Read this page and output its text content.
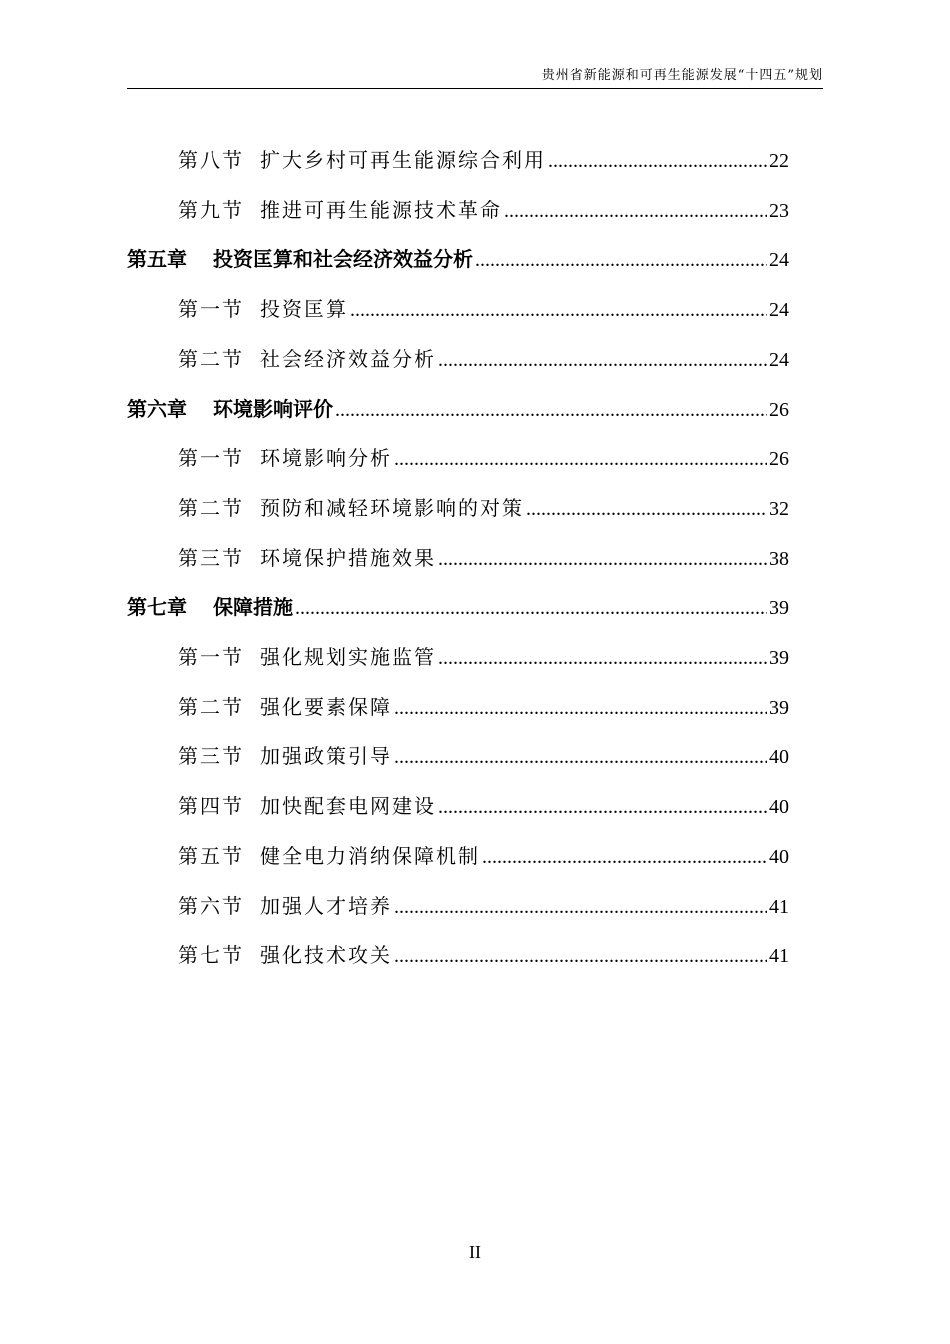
贵州省新能源和可再生能源发展“十四五”规划
第八节 扩大乡村可再生能源综合利用 .....	22
第九节 推进可再生能源技术革命 .....	23
第五章 投资匡算和社会经济效益分析 .....	24
第一节 投资匡算 .....	24
第二节 社会经济效益分析 .....	24
第六章 环境影响评价 .....	26
第一节 环境影响分析 .....	26
第二节 预防和减轻环境影响的对策 .....	32
第三节 环境保护措施效果 .....	38
第七章 保障措施 .....	39
第一节 强化规划实施监管 .....	39
第二节 强化要素保障 .....	39
第三节 加强政策引导 .....	40
第四节 加快配套电网建设 .....	40
第五节 健全电力消纳保障机制 .....	40
第六节 加强人才培养 .....	41
第七节 强化技术攻关 .....	41
II
